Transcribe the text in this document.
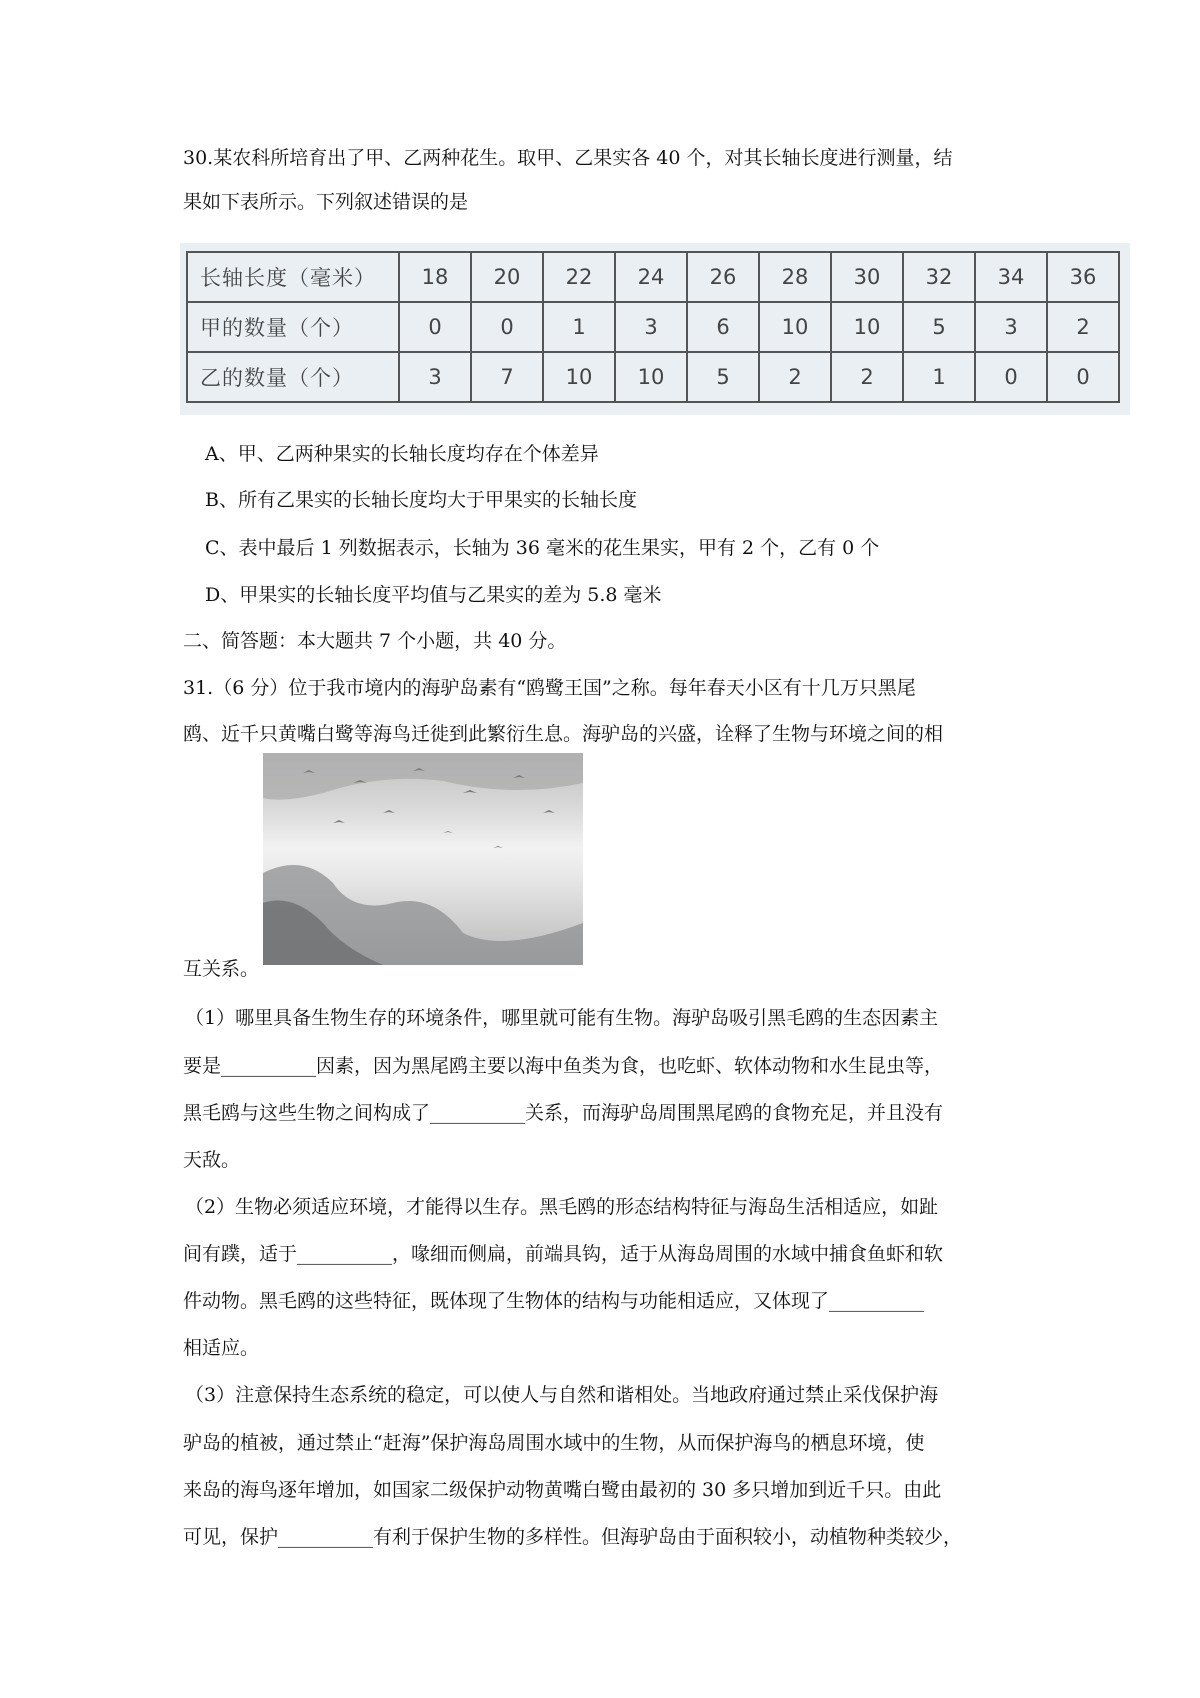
30.某农科所培育出了甲、乙两种花生。取甲、乙果实各 40 个，对其长轴长度进行测量，结
果如下表所示。下列叙述错误的是
长轴长度（毫米）	18	20	22	24	26	28	30	32	34	36
甲的数量（个）	0	0	1	3	6	10	10	5	3	2
乙的数量（个）	3	7	10	10	5	2	2	1	0	0
A、甲、乙两种果实的长轴长度均存在个体差异
B、所有乙果实的长轴长度均大于甲果实的长轴长度
C、表中最后 1 列数据表示，长轴为 36 毫米的花生果实，甲有 2 个，乙有 0 个
D、甲果实的长轴长度平均值与乙果实的差为 5.8 毫米
二、简答题：本大题共 7 个小题，共 40 分。
31.（6 分）位于我市境内的海驴岛素有“鸥鹭王国”之称。每年春天小区有十几万只黑尾
鸥、近千只黄嘴白鹭等海鸟迁徙到此繁衍生息。海驴岛的兴盛，诠释了生物与环境之间的相
互关系。
（1）哪里具备生物生存的环境条件，哪里就可能有生物。海驴岛吸引黑毛鸥的生态因素主
要是__________因素，因为黑尾鸥主要以海中鱼类为食，也吃虾、软体动物和水生昆虫等，
黑毛鸥与这些生物之间构成了__________关系，而海驴岛周围黑尾鸥的食物充足，并且没有
天敌。
（2）生物必须适应环境，才能得以生存。黑毛鸥的形态结构特征与海岛生活相适应，如趾
间有蹼，适于__________，喙细而侧扁，前端具钩，适于从海岛周围的水域中捕食鱼虾和软
件动物。黑毛鸥的这些特征，既体现了生物体的结构与功能相适应，又体现了__________
相适应。
（3）注意保持生态系统的稳定，可以使人与自然和谐相处。当地政府通过禁止采伐保护海
驴岛的植被，通过禁止“赶海”保护海岛周围水域中的生物，从而保护海鸟的栖息环境，使
来岛的海鸟逐年增加，如国家二级保护动物黄嘴白鹭由最初的 30 多只增加到近千只。由此
可见，保护__________有利于保护生物的多样性。但海驴岛由于面积较小，动植物种类较少，
